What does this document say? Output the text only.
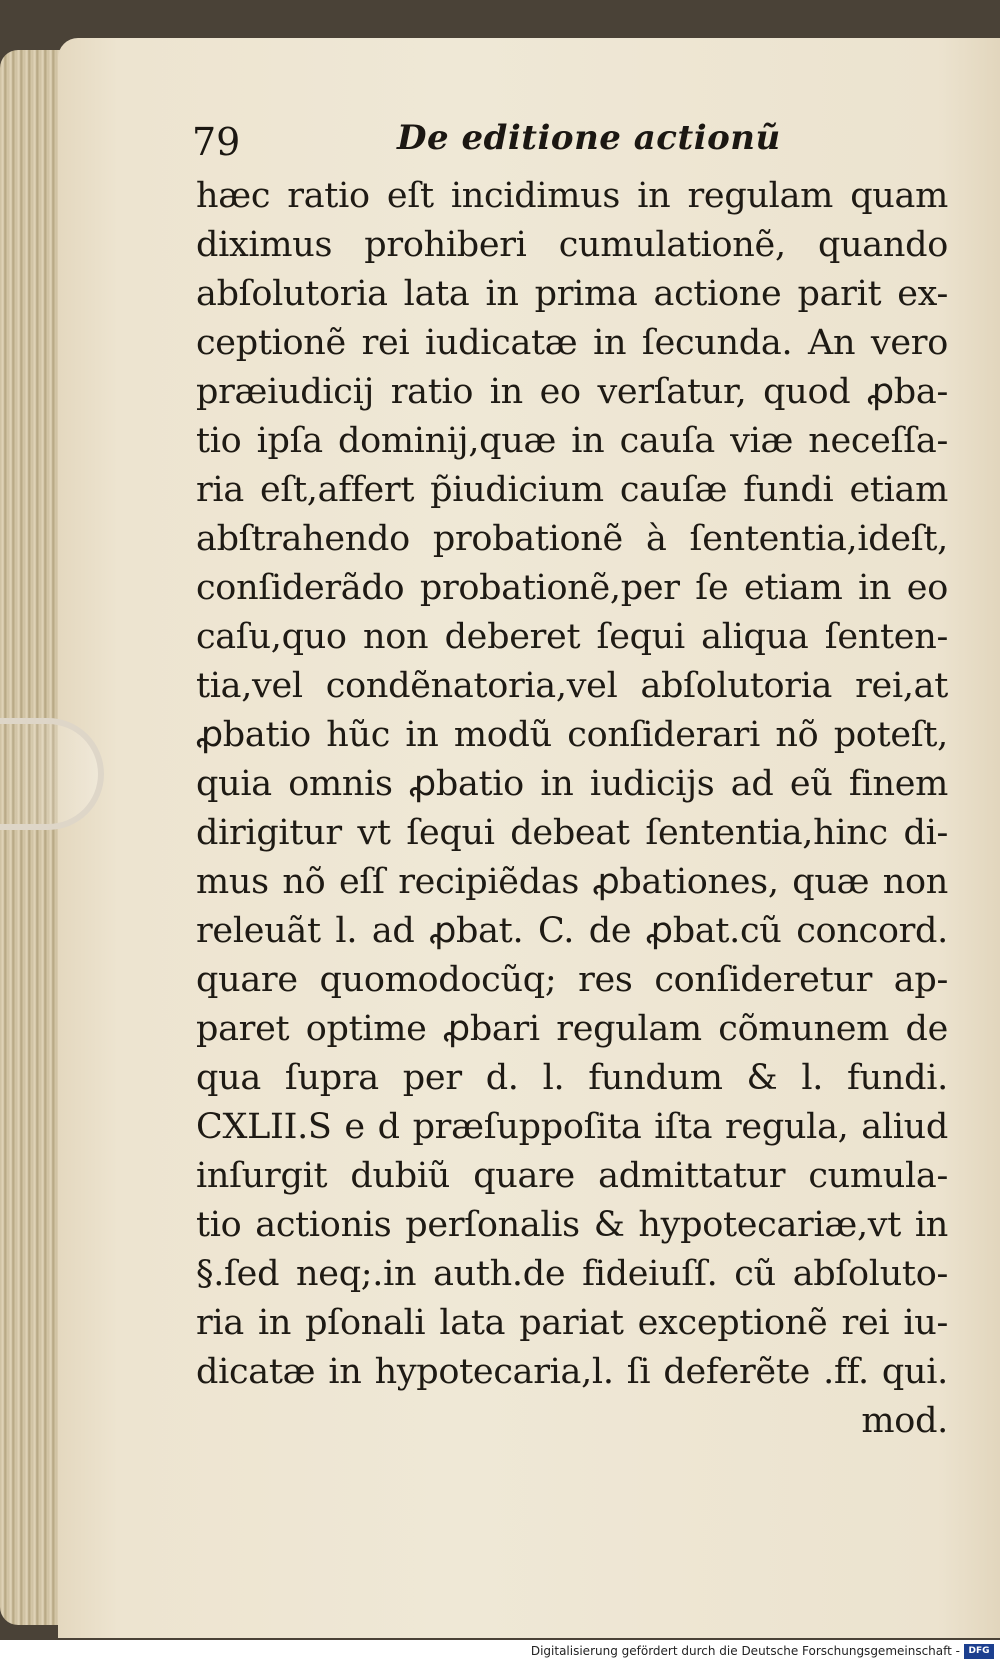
79	De editione actionũ
hæc ratio eſt incidimus in regulam quam
diximus prohiberi cumulationẽ, quando
abſolutoria lata in prima actione parit ex-
ceptionẽ rei iudicatæ in ſecunda. An vero
præiudicij ratio in eo verſatur, quod ꝓba-
tio ipſa dominij,quæ in cauſa viæ neceſſa-
ria eſt,affert p̃iudicium cauſæ fundi etiam
abſtrahendo probationẽ à ſententia,ideſt,
conſiderãdo probationẽ,per ſe etiam in eo
caſu,quo non deberet ſequi aliqua ſenten-
tia,vel condẽnatoria,vel abſolutoria rei,at
ꝓbatio hũc in modũ conſiderari nõ poteſt,
quia omnis ꝓbatio in iudicijs ad eũ finem
dirigitur vt ſequi debeat ſententia,hinc di-
mus nõ eſſ recipiẽdas ꝓbationes, quæ non
releuãt l. ad ꝓbat. C. de ꝓbat.cũ concord.
quare quomodocũq; res conſideretur ap-
paret optime ꝓbari regulam cõmunem de
qua ſupra per d. l. fundum & l. fundi.
CXLII.S e d præſuppoſita iſta regula, aliud
inſurgit dubiũ quare admittatur cumula-
tio actionis perſonalis & hypotecariæ,vt in
§.ſed neq;.in auth.de fideiuſſ. cũ abſoluto-
ria in pſonali lata pariat exceptionẽ rei iu-
dicatæ in hypotecaria,l. ſi deferẽte .ff. qui.
mod.
Digitalisierung gefördert durch die Deutsche Forschungsgemeinschaft - DFG
